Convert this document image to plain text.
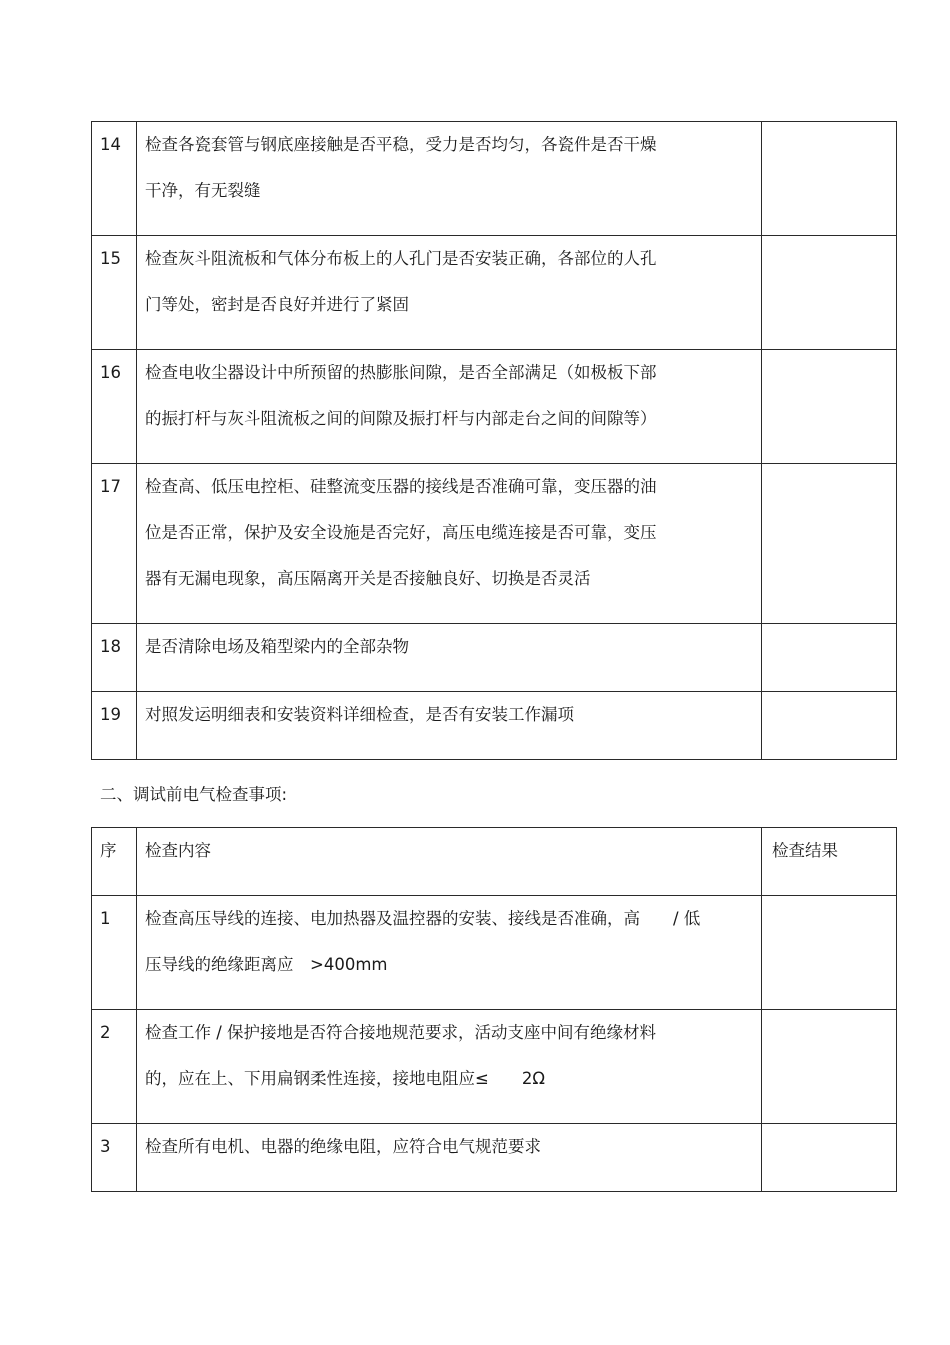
14	检查各瓷套管与钢底座接触是否平稳，受力是否均匀，各瓷件是否干燥
干净，有无裂缝	

15	检查灰斗阻流板和气体分布板上的人孔门是否安装正确，各部位的人孔
门等处，密封是否良好并进行了紧固	

16	检查电收尘器设计中所预留的热膨胀间隙，是否全部满足（如极板下部
的振打杆与灰斗阻流板之间的间隙及振打杆与内部走台之间的间隙等）	

17	检查高、低压电控柜、硅整流变压器的接线是否准确可靠，变压器的油
位是否正常，保护及安全设施是否完好，高压电缆连接是否可靠，变压
器有无漏电现象，高压隔离开关是否接触良好、切换是否灵活	

18	是否清除电场及箱型梁内的全部杂物	

19	对照发运明细表和安装资料详细检查，是否有安装工作漏项	

二、调试前电气检查事项:
序	检查内容	检查结果
1	检查高压导线的连接、电加热器及温控器的安装、接线是否准确，高　　/ 低
压导线的绝缘距离应　>400mm	

2	检查工作 / 保护接地是否符合接地规范要求，活动支座中间有绝缘材料
的，应在上、下用扁钢柔性连接，接地电阻应≤　　2Ω	

3	检查所有电机、电器的绝缘电阻，应符合电气规范要求	
